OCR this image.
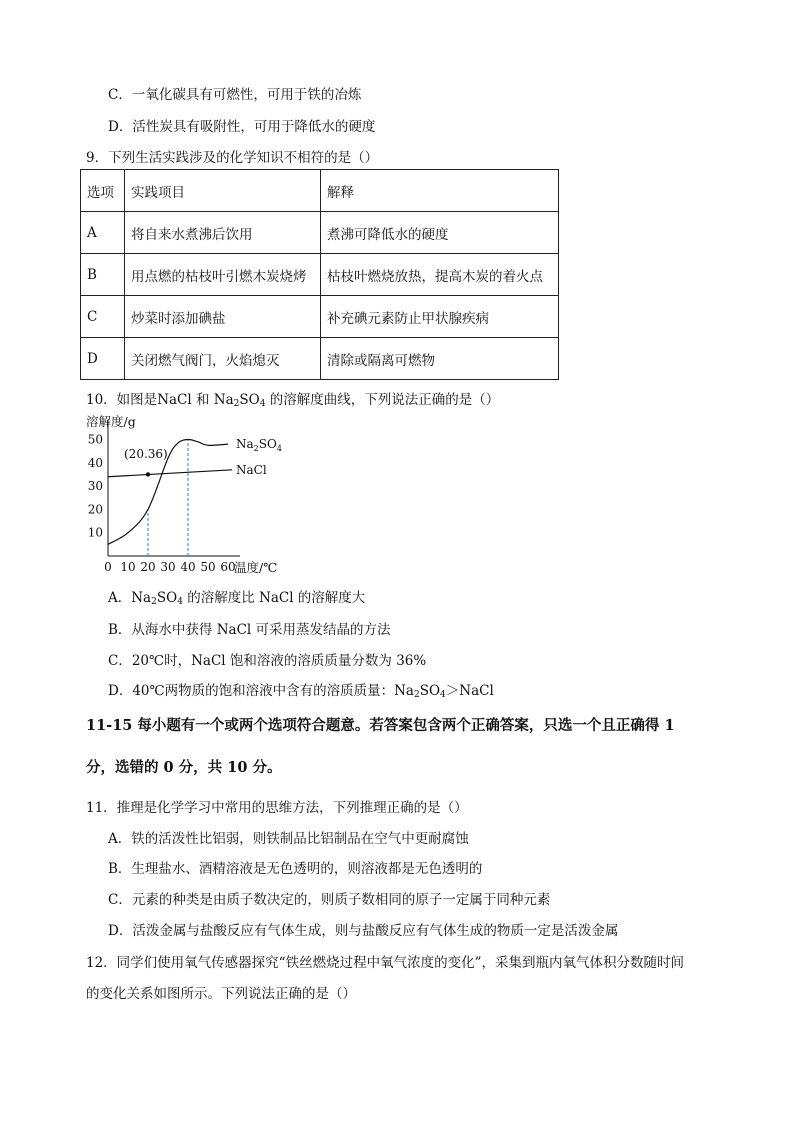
C．一氧化碳具有可燃性，可用于铁的冶炼
D．活性炭具有吸附性，可用于降低水的硬度
9．下列生活实践涉及的化学知识不相符的是（）
选项	实践项目	解释
A	将自来水煮沸后饮用	煮沸可降低水的硬度
B	用点燃的枯枝叶引燃木炭烧烤	枯枝叶燃烧放热，提高木炭的着火点
C	炒菜时添加碘盐	补充碘元素防止甲状腺疾病
D	关闭燃气阀门，火焰熄灭	清除或隔离可燃物
10．如图是NaCl 和 $Na_2SO_4$ 的溶解度曲线，下列说法正确的是（）
溶解度/g
10
20
30
40
50
0 10 20 30 40 50 60
温度/℃
(20.36)
$Na_2SO_4$
NaCl
A．$Na_2SO_4$ 的溶解度比 NaCl 的溶解度大
B．从海水中获得 NaCl 可采用蒸发结晶的方法
C．20℃时，NaCl 饱和溶液的溶质质量分数为 36%
D．40℃两物质的饱和溶液中含有的溶质质量：$Na_2SO_4>NaCl$
11-15 每小题有一个或两个选项符合题意。若答案包含两个正确答案，只选一个且正确得 1
分，选错的 0 分，共 10 分。
11．推理是化学学习中常用的思维方法，下列推理正确的是（）
A．铁的活泼性比铝弱，则铁制品比铝制品在空气中更耐腐蚀
B．生理盐水、酒精溶液是无色透明的，则溶液都是无色透明的
C．元素的种类是由质子数决定的，则质子数相同的原子一定属于同种元素
D．活泼金属与盐酸反应有气体生成，则与盐酸反应有气体生成的物质一定是活泼金属
12．同学们使用氧气传感器探究“铁丝燃烧过程中氧气浓度的变化”，采集到瓶内氧气体积分数随时间
的变化关系如图所示。下列说法正确的是（）
